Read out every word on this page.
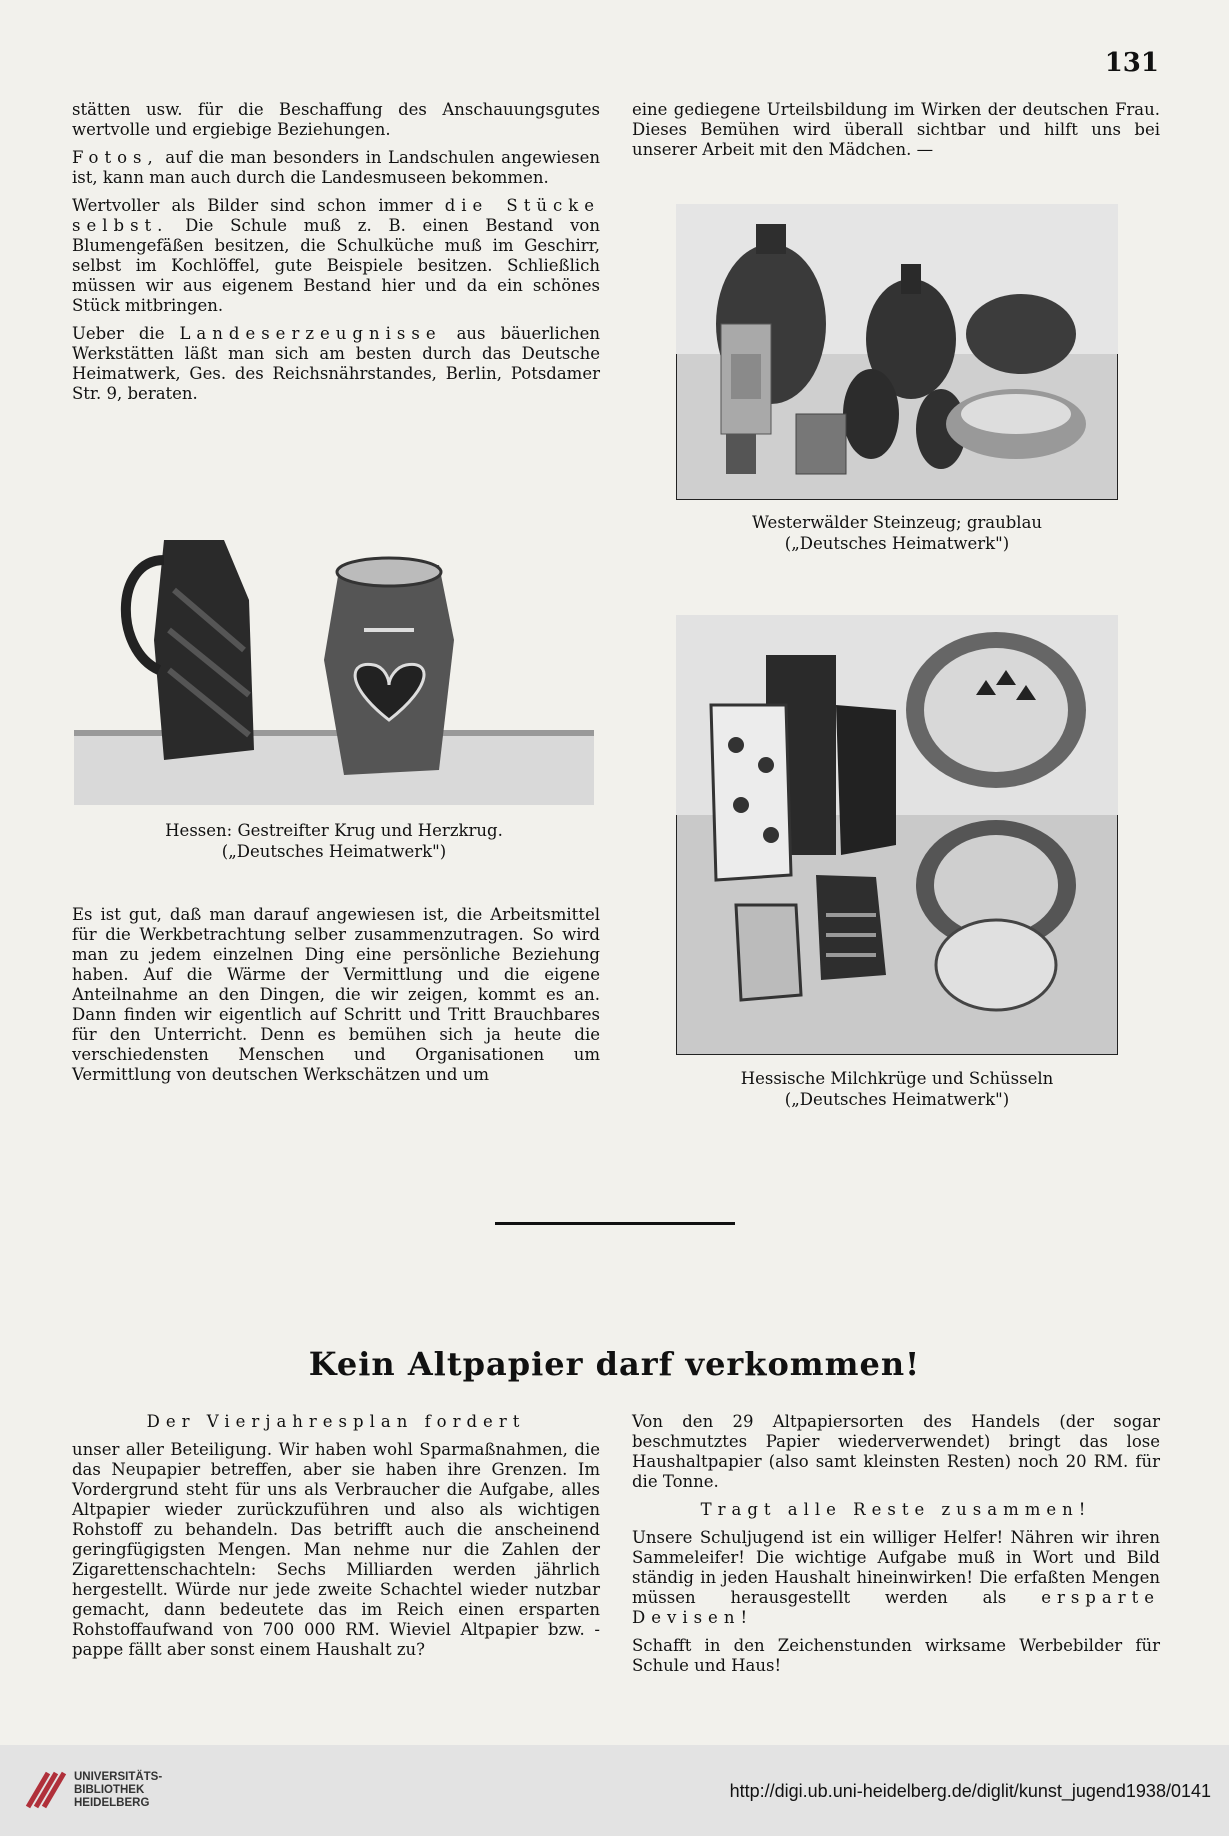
131

stätten usw. für die Beschaffung des Anschauungsgutes wertvolle und ergiebige Beziehungen.

Fotos, auf die man besonders in Landschulen angewiesen ist, kann man auch durch die Landesmuseen bekommen.

Wertvoller als Bilder sind schon immer die Stücke selbst. Die Schule muß z. B. einen Bestand von Blumengefäßen besitzen, die Schulküche muß im Geschirr, selbst im Kochlöffel, gute Beispiele besitzen. Schließlich müssen wir aus eigenem Bestand hier und da ein schönes Stück mitbringen.

Ueber die Landeserzeugnisse aus bäuerlichen Werkstätten läßt man sich am besten durch das Deutsche Heimatwerk, Ges. des Reichsnährstandes, Berlin, Potsdamer Str. 9, beraten.

eine gediegene Urteilsbildung im Wirken der deutschen Frau. Dieses Bemühen wird überall sichtbar und hilft uns bei unserer Arbeit mit den Mädchen. —

Westerwälder Steinzeug; graublau
(„Deutsches Heimatwerk")
Hessen: Gestreifter Krug und Herzkrug.
(„Deutsches Heimatwerk")

Es ist gut, daß man darauf angewiesen ist, die Arbeitsmittel für die Werkbetrachtung selber zusammenzutragen. So wird man zu jedem einzelnen Ding eine persönliche Beziehung haben. Auf die Wärme der Vermittlung und die eigene Anteilnahme an den Dingen, die wir zeigen, kommt es an. Dann finden wir eigentlich auf Schritt und Tritt Brauchbares für den Unterricht. Denn es bemühen sich ja heute die verschiedensten Menschen und Organisationen um Vermittlung von deutschen Werkschätzen und um	Hessische Milchkrüge und Schüsseln
(„Deutsches Heimatwerk")
Kein Altpapier darf verkommen!
Der Vierjahresplan fordert

unser aller Beteiligung. Wir haben wohl Sparmaßnahmen, die das Neupapier betreffen, aber sie haben ihre Grenzen. Im Vordergrund steht für uns als Verbraucher die Aufgabe, alles Altpapier wieder zurückzuführen und also als wichtigen Rohstoff zu behandeln. Das betrifft auch die anscheinend geringfügigsten Mengen. Man nehme nur die Zahlen der Zigarettenschachteln: Sechs Milliarden werden jährlich hergestellt. Würde nur jede zweite Schachtel wieder nutzbar gemacht, dann bedeutete das im Reich einen ersparten Rohstoffaufwand von 700 000 RM. Wieviel Altpapier bzw. -pappe fällt aber sonst einem Haushalt zu?

Von den 29 Altpapiersorten des Handels (der sogar beschmutztes Papier wiederverwendet) bringt das lose Haushaltpapier (also samt kleinsten Resten) noch 20 RM. für die Tonne.

Tragt alle Reste zusammen!

Unsere Schuljugend ist ein williger Helfer! Nähren wir ihren Sammeleifer! Die wichtige Aufgabe muß in Wort und Bild ständig in jeden Haushalt hineinwirken! Die erfaßten Mengen müssen herausgestellt werden als ersparte Devisen!

Schafft in den Zeichenstunden wirksame Werbebilder für Schule und Haus!

UNIVERSITÄTS-
BIBLIOTHEK
HEIDELBERG
http://digi.ub.uni-heidelberg.de/diglit/kunst_jugend1938/0141
